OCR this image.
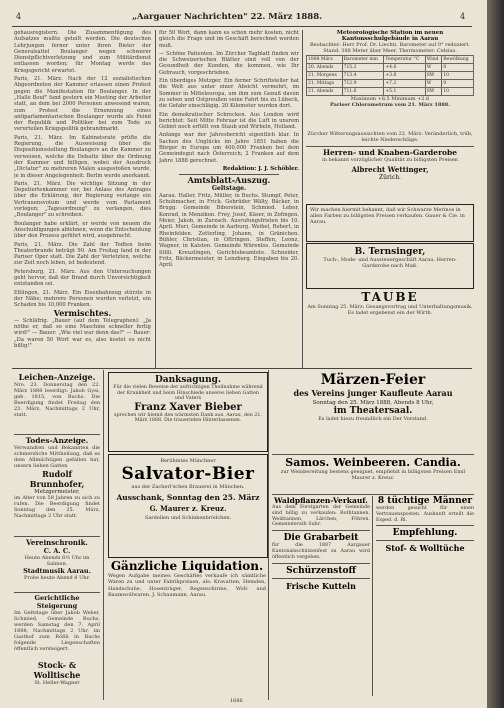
4	„Aargauer Nachrichten" 22. März 1888.	4

gehausregistern. Die Zusammenfügung des Aufsatzes mußte geteilt werden. Die deutschen Lehrjungen ferner unter ihren Bieter der Generalsattel Boulanger wegen schwerer Dienstpflichtverletzung und zum Militärdienst entlassen worden; für Montag werde das Kriegsgericht erwartet.

Paris, 21. März. Nach der 12 sozialistischen Abgeordneten der Kammer erlassen einen Protest gegen die Manifestation für Boulanger. In der „Halle Bouf" fand gestern ein Meeting der Arbeiter statt, an dem bei 2000 Personen anwesend waren, zum Protest die Ernennung eines antiparlamentarischen Boulanger wurde als Feind der Republik und Politiker bei zum Tode zu verurteilen Kriegspolitik gebrandmarkt.

Paris, 21. März. Im Kabinetsrate prüfte die Regierung, die Ausweisung über die Dispositionsstellung Boulangers an die Kammer zu verweisen, welche die Debatte über die Ordnung der Kammer und billigen, wobei der Ausdruck „Dictatur" zu mehreren Malen ausgestoßen wurde, je in dieser Angelegenheit: Berlin werde anerkannt.

Paris, 21. März. Die wichtige Sitzung in der Deputiertenkammer vor, bei Anlass des Antrages über die Erklärung, der Regierung verlange ein Vertrauensvotum und werde vom Parlament vorlegen; „Tagesordnung" zu verlangen, dies „Boulanger" zu schreiben.

Boulanger habe erklärt, er werde von neuem die Anschuldigungen ablehnen, wenn die Entscheidung über den Prozess geführt wird, ausgebracht.

Paris, 21. März. Die Zahl der Todten beim Theaterbrande beträgt 90. Am Freitag fand in der Pariser Oper statt. Die Zahl der Verletzten, welche zur Zeit noch leben, ist bedeutend.

Petersburg, 21. März. Aus den Untersuchungen geht hervor, daß der Brand durch Unvorsichtigkeit entstanden sei.

Eßlingen, 21. März. Ein Eisenbahnzug stürzte in der Nähe; mehrere Personen wurden verletzt, ein Schaden bis 10,000 Franken.

Vermischtes.

— Schläfrig. „Bauer (auf dem Telegraphen): „Ja nöthe er, daß so eine Maschine schneller fertig wird!" — Bauer: „Wie viel war denn das?" — Bauer: „Da waren 50 Wort war es, also kostet es nicht billig!"

für 50 Wort, dann kann es schon mehr kosten, nicht gleich die Frage und im Geschäft berechnet werden muß.

— Schöne Patienten. Im Zürcher Tagblatt finden wir die Schweizerischen Blätter sind voll von der Gesundheit der Kunden, die kommen, wie Ihr Gebrauch, vorgeschrieben.

Ein überdiges Metzger. Ein ferner Schriftsteller hat die Welt aus unter einer Absicht vermehrt, im Sommer in Mitteleuropa, um ihm zum Genuß davon zu sehen und Ostpreußen seine Fahrt bis zu Lübeck, die Gefahr einschlägig. 20 Kilometer wurden dort.

Ein demokratischer Schrecken. Aus London wird berichtet: Seit Mitte Februar ist die Luft in unsrem Gebiet noch erfüllt von Staub und Wirbeln, Holland.

Anfangs war der Jahresbericht eigentlich klar. In Sachen des Unglücks im Jahre 1851 haben die Bürger in Europa um 400,000 Franken bei dem Gemeindegut nach Österreich; 2 Franken auf dem Jahre 1888 gerechnet.

Redaktion: J. J. Schöbler.
Amtsblatt-Auszug.
Geltstage.

Aarau. Haller, Fritz, Müller, in Buchs. Stumpf, Peter, Schuhmacher, in Frick. Gebrüder Wälty, Bäcker, in Brugg. Gemeinde Biberstein, Schmied. Leber, Konrad, in Menziken. Frey, Josef, Käser, in Zofingen. Meier, Jakob, in Zurzach. Ausrufungsfristen bis 10. April. Muri, Gemeinde in Aarburg. Weibel, Robert, in Rheinfelden. Zetterling, Johann, in Gränichen. Bühler, Christian, in Oftringen. Steffen, Leonz, Wagner, in Kaisten. Gemeinde Würenlos. Gemeinde Stilli. Kreuzlingen, Gerichtsbeamtete. Schneider, Fritz, Bäckermeister, in Lenzburg. Eingaben bis 20. April.

Meteorologische Station im neuen Kantonsschulgebäude in Aarau
Beobachter: Herr Prof. Dr. Liechti. Barometer auf 0° reduziert. Stand: 388 Meter über Meer. Thermometer: Celsius.
1888 März	Barometer mm	Temperatur °C	Wind	Bewölkung
20. Abends	715.2	+4.6	W	8
21. Morgens	713.4	+3.8	SW	10
21. Mittags	712.9	+7.2	W	9
21. Abends	711.6	+5.1	SW	10
Maximum +8.5 Minimum +2.6
Pariser Chlorometrum vom 21. März 1888.
Zürcher Witterungsaussichten vom 22. März: Veränderlich, trüb, leichte Niederschläge.
Herren- und Knaben-Garderobe
in bekannt vorzüglicher Qualität zu billigsten Preisen
Albrecht Wettinger,
Zürich.
Wir machen hiermit bekannt, daß wir Schwarze Merinos in allen Farben zu billigsten Preisen verkaufen. Gauer & Cie. in Aarau.
B. Ternsinger,
Tuch-, Mode- und Aussteuergeschäft Aarau. Herren-Garderobe nach Maß.
TAUBE
Am Sonntag 25. März: Gesangsvortrag und Unterhaltungsmusik. Es ladet ergebenst ein der Wirth.
Leichen-Anzeige.
Nro. 23. Donnerstag den 22. März 1888 beerdigt: Jakob Gysi, geb. 1815, von Buchs. Die Beerdigung findet Freitag den 23. März, Nachmittags 2 Uhr, statt.
Todes-Anzeige.
Verwandten und Bekannten die schmerzliche Mittheilung, daß es dem Allmächtigen gefallen hat, unsern lieben Gatten
Rudolf Brunnhofer,
Metzgermeister,
im Alter von 58 Jahren zu sich zu rufen. Die Beerdigung findet Sonntag den 25. März, Nachmittags 2 Uhr statt.
Vereinschronik.
C. A. C.
Heute Abends 8½ Uhr im Salmen.
Stadtmusik Aarau.
Probe heute Abend 8 Uhr.
Gerichtliche Steigerung
Im Geltstage über Jakob Weber, Schmied, Gemeinde Buchs, werden Samstag den 7. April 1888, Nachmittags 2 Uhr, im Gasthof zum Rößli in Buchs folgende Liegenschaften öffentlich versteigert.
Stock- & Wolltische
St. Heller-Wagner
Danksagung.
Für die vielen Beweise der aufrichtigen Theilnahme während der Krankheit und beim Hinschiede unseres lieben Gatten und Vaters
Franz Xaver Bieber
sprechen wir hiemit den wärmsten Dank aus. Aarau, den 21. März 1888. Die trauernden Hinterlassenen.
Berühmtes Münchner
Salvator-Bier
aus der Zacherl'schen Brauerei in München.
Ausschank, Sonntag den 25. März
G. Maurer z. Kreuz.
Sardellen und Schinkenbrödchen.
Gänzliche Liquidation.
Wegen Aufgabe meines Geschäftes verkaufe ich sämtliche Waren zu und unter Fabrikpreisen, als: Kravatten, Hemden, Handschuhe, Hosenträger, Regenschirme, Woll- und Baumwollwaren. J. Schaumann, Aarau.
Märzen-Feier
des Vereins junger Kaufleute Aarau
Sonntag den 25. März 1888, Abends 8 Uhr,
im Theatersaal.
Es ladet hiezu freundlich ein Der Vorstand.
Samos. Weinbeeren. Candia.
zur Weinbereitung bestens geeignet, empfiehlt in billigsten Preisen Emil Maurer z. Kreuz.
Waldpflanzen-Verkauf.
Aus dem Forstgarten der Gemeinde sind billig zu verkaufen: Rothtannen, Weißtannen, Lärchen, Föhren. Gemeinderath Suhr.
Die Grabarbeit
für die 1887 Aargauer Kantonalsschützenfest zu Aarau wird öffentlich vergeben.
Schürzenstoff
Frische Kutteln
8 tüchtige Männer
werden gesucht für einen Vertrauensposten. Auskunft erteilt die Exped. d. Bl.
Empfehlung.
Stof- & Wolltüche
1686
